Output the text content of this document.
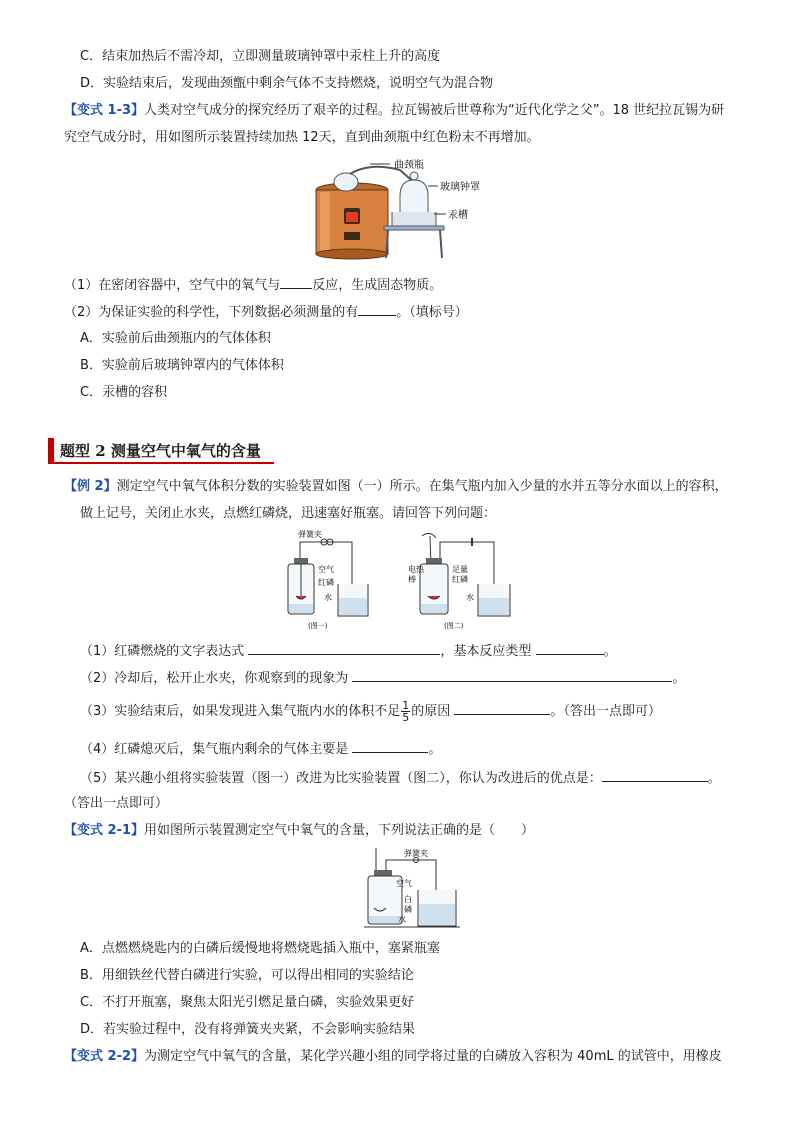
C．结束加热后不需冷却，立即测量玻璃钟罩中汞柱上升的高度
D．实验结束后，发现曲颈甑中剩余气体不支持燃烧，说明空气为混合物
【变式 1-3】人类对空气成分的探究经历了艰辛的过程。拉瓦锡被后世尊称为“近代化学之父”。18 世纪拉瓦锡为研
究空气成分时，用如图所示装置持续加热 12天，直到曲颈瓶中红色粉末不再增加。
曲颈瓶
玻璃钟罩
汞槽
（1）在密闭容器中，空气中的氧气与 反应，生成固态物质。
（2）为保证实验的科学性，下列数据必须测量的有	。（填标号）
A．实验前后曲颈瓶内的气体体积
B．实验前后玻璃钟罩内的气体体积
C．汞槽的容积
题型 2 测量空气中氧气的含量
【例 2】测定空气中氧气体积分数的实验装置如图（一）所示。在集气瓶内加入少量的水并五等分水面以上的容积，
做上记号，关闭止水夹，点燃红磷烧，迅速塞好瓶塞。请回答下列问题：
弹簧夹
空气
红磷
水
(图一)
电热
棒
足量
红磷
水
(图二)
（1）红磷燃烧的文字表达式	，基本反应类型	。
（2）冷却后，松开止水夹，你观察到的现象为	。
（3）实验结束后，如果发现进入集气瓶内水的体积不足 $\frac{1}{5}$ 的原因	。（答出一点即可）
（4）红磷熄灭后，集气瓶内剩余的气体主要是	。
（5）某兴趣小组将实验装置（图一）改进为比实验装置（图二），你认为改进后的优点是：	。
（答出一点即可）
【变式 2-1】用如图所示装置测定空气中氧气的含量，下列说法正确的是（　　）
弹簧夹
空气
白
磷
水
A．点燃燃烧匙内的白磷后缓慢地将燃烧匙插入瓶中，塞紧瓶塞
B．用细铁丝代替白磷进行实验，可以得出相同的实验结论
C．不打开瓶塞，聚焦太阳光引燃足量白磷，实验效果更好
D．若实验过程中，没有将弹簧夹夹紧，不会影响实验结果
【变式 2-2】为测定空气中氧气的含量，某化学兴趣小组的同学将过量的白磷放入容积为 40mL 的试管中，用橡皮
